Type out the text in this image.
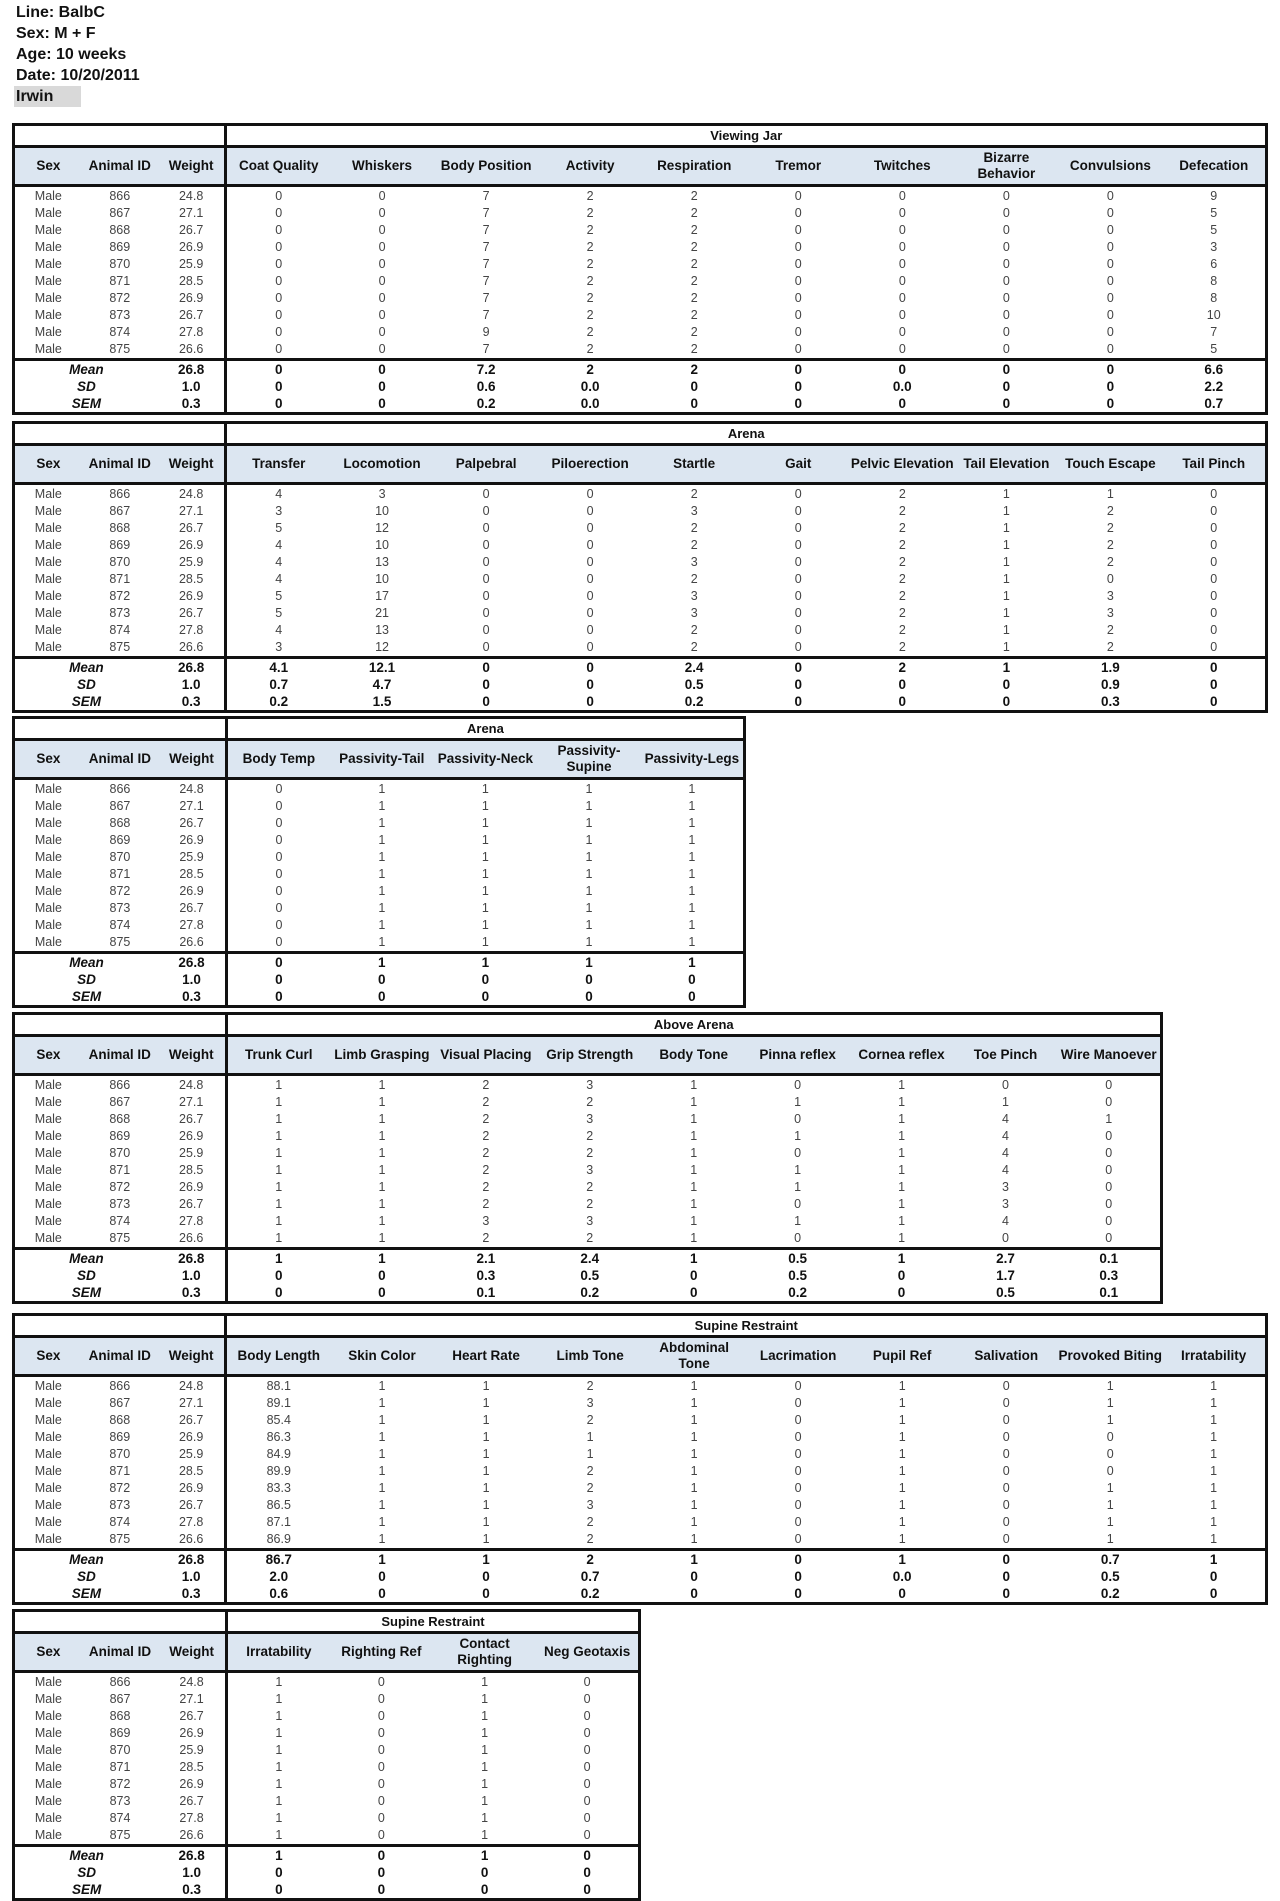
Line: BalbC
Sex: M + F
Age: 10 weeks
Date: 10/20/2011
Irwin
			Viewing Jar									
Sex	Animal ID	Weight	Coat Quality	Whiskers	Body Position	Activity	Respiration	Tremor	Twitches	Bizarre Behavior	Convulsions	Defecation
Male	866	24.8	0	0	7	2	2	0	0	0	0	9
Male	867	27.1	0	0	7	2	2	0	0	0	0	5
Male	868	26.7	0	0	7	2	2	0	0	0	0	5
Male	869	26.9	0	0	7	2	2	0	0	0	0	3
Male	870	25.9	0	0	7	2	2	0	0	0	0	6
Male	871	28.5	0	0	7	2	2	0	0	0	0	8
Male	872	26.9	0	0	7	2	2	0	0	0	0	8
Male	873	26.7	0	0	7	2	2	0	0	0	0	10
Male	874	27.8	0	0	9	2	2	0	0	0	0	7
Male	875	26.6	0	0	7	2	2	0	0	0	0	5
Mean		26.8	0	0	7.2	2	2	0	0	0	0	6.6
SD		1.0	0	0	0.6	0.0	0	0	0.0	0	0	2.2
SEM		0.3	0	0	0.2	0.0	0	0	0	0	0	0.7
			Arena									
Sex	Animal ID	Weight	Transfer	Locomotion	Palpebral	Piloerection	Startle	Gait	Pelvic Elevation	Tail Elevation	Touch Escape	Tail Pinch
Male	866	24.8	4	3	0	0	2	0	2	1	1	0
Male	867	27.1	3	10	0	0	3	0	2	1	2	0
Male	868	26.7	5	12	0	0	2	0	2	1	2	0
Male	869	26.9	4	10	0	0	2	0	2	1	2	0
Male	870	25.9	4	13	0	0	3	0	2	1	2	0
Male	871	28.5	4	10	0	0	2	0	2	1	0	0
Male	872	26.9	5	17	0	0	3	0	2	1	3	0
Male	873	26.7	5	21	0	0	3	0	2	1	3	0
Male	874	27.8	4	13	0	0	2	0	2	1	2	0
Male	875	26.6	3	12	0	0	2	0	2	1	2	0
Mean		26.8	4.1	12.1	0	0	2.4	0	2	1	1.9	0
SD		1.0	0.7	4.7	0	0	0.5	0	0	0	0.9	0
SEM		0.3	0.2	1.5	0	0	0.2	0	0	0	0.3	0
			Arena				
Sex	Animal ID	Weight	Body Temp	Passivity-Tail	Passivity-Neck	Passivity-Supine	Passivity-Legs
Male	866	24.8	0	1	1	1	1
Male	867	27.1	0	1	1	1	1
Male	868	26.7	0	1	1	1	1
Male	869	26.9	0	1	1	1	1
Male	870	25.9	0	1	1	1	1
Male	871	28.5	0	1	1	1	1
Male	872	26.9	0	1	1	1	1
Male	873	26.7	0	1	1	1	1
Male	874	27.8	0	1	1	1	1
Male	875	26.6	0	1	1	1	1
Mean		26.8	0	1	1	1	1
SD		1.0	0	0	0	0	0
SEM		0.3	0	0	0	0	0
			Above Arena								
Sex	Animal ID	Weight	Trunk Curl	Limb Grasping	Visual Placing	Grip Strength	Body Tone	Pinna reflex	Cornea reflex	Toe Pinch	Wire Manoever
Male	866	24.8	1	1	2	3	1	0	1	0	0
Male	867	27.1	1	1	2	2	1	1	1	1	0
Male	868	26.7	1	1	2	3	1	0	1	4	1
Male	869	26.9	1	1	2	2	1	1	1	4	0
Male	870	25.9	1	1	2	2	1	0	1	4	0
Male	871	28.5	1	1	2	3	1	1	1	4	0
Male	872	26.9	1	1	2	2	1	1	1	3	0
Male	873	26.7	1	1	2	2	1	0	1	3	0
Male	874	27.8	1	1	3	3	1	1	1	4	0
Male	875	26.6	1	1	2	2	1	0	1	0	0
Mean		26.8	1	1	2.1	2.4	1	0.5	1	2.7	0.1
SD		1.0	0	0	0.3	0.5	0	0.5	0	1.7	0.3
SEM		0.3	0	0	0.1	0.2	0	0.2	0	0.5	0.1
			Supine Restraint									
Sex	Animal ID	Weight	Body Length	Skin Color	Heart Rate	Limb Tone	Abdominal Tone	Lacrimation	Pupil Ref	Salivation	Provoked Biting	Irratability
Male	866	24.8	88.1	1	1	2	1	0	1	0	1	1
Male	867	27.1	89.1	1	1	3	1	0	1	0	1	1
Male	868	26.7	85.4	1	1	2	1	0	1	0	1	1
Male	869	26.9	86.3	1	1	1	1	0	1	0	0	1
Male	870	25.9	84.9	1	1	1	1	0	1	0	0	1
Male	871	28.5	89.9	1	1	2	1	0	1	0	0	1
Male	872	26.9	83.3	1	1	2	1	0	1	0	1	1
Male	873	26.7	86.5	1	1	3	1	0	1	0	1	1
Male	874	27.8	87.1	1	1	2	1	0	1	0	1	1
Male	875	26.6	86.9	1	1	2	1	0	1	0	1	1
Mean		26.8	86.7	1	1	2	1	0	1	0	0.7	1
SD		1.0	2.0	0	0	0.7	0	0	0.0	0	0.5	0
SEM		0.3	0.6	0	0	0.2	0	0	0	0	0.2	0
			Supine Restraint			
Sex	Animal ID	Weight	Irratability	Righting Ref	Contact Righting	Neg Geotaxis
Male	866	24.8	1	0	1	0
Male	867	27.1	1	0	1	0
Male	868	26.7	1	0	1	0
Male	869	26.9	1	0	1	0
Male	870	25.9	1	0	1	0
Male	871	28.5	1	0	1	0
Male	872	26.9	1	0	1	0
Male	873	26.7	1	0	1	0
Male	874	27.8	1	0	1	0
Male	875	26.6	1	0	1	0
Mean		26.8	1	0	1	0
SD		1.0	0	0	0	0
SEM		0.3	0	0	0	0
